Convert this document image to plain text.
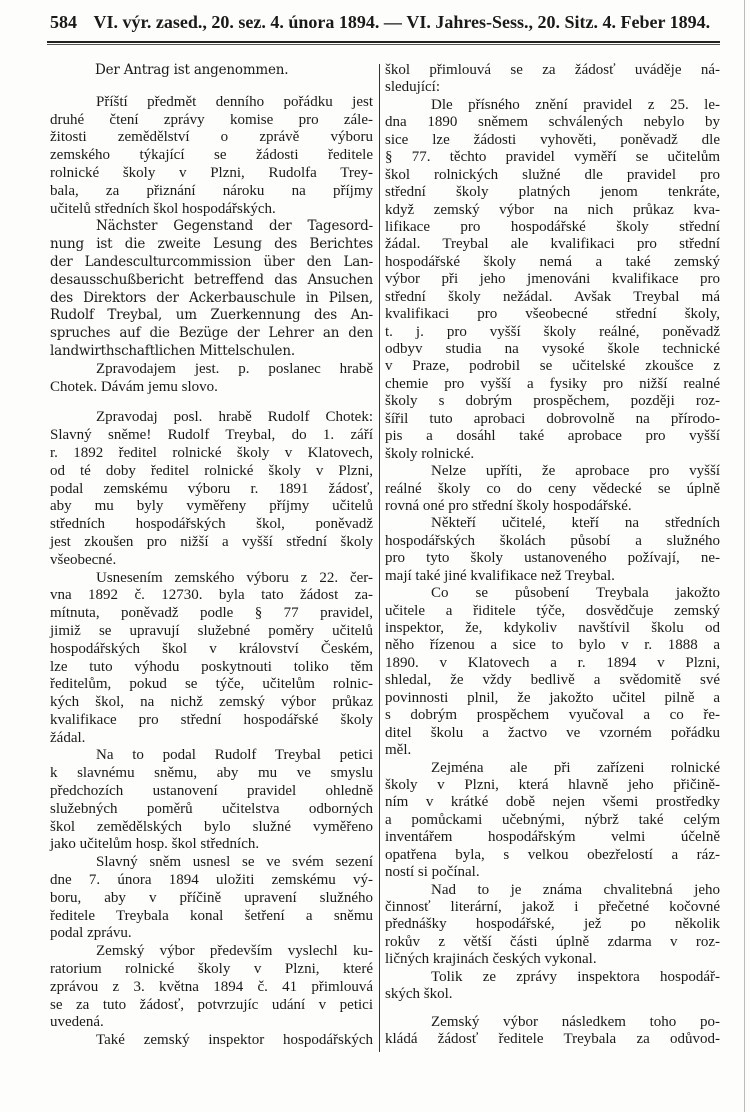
584 VI. výr. zased., 20. sez. 4. února 1894. — VI. Jahres-Sess., 20. Sitz. 4. Feber 1894.
Der Antrag ist angenommen.
Příští předmět denního pořádku jest
druhé čtení zprávy komise pro zále-
žitosti zemědělství o zprávě výboru
zemského týkající se žádosti ředitele
rolnické školy v Plzni, Rudolfa Trey-
bala, za přiznání nároku na příjmy
učitelů středních škol hospodářských.
Nächster Gegenstand der Tagesord-
nung ist die zweite Lesung des Berichtes
der Landesculturcommission über den Lan-
desausschußbericht betreffend das Ansuchen
des Direktors der Ackerbauschule in Pilsen,
Rudolf Treybal, um Zuerkennung des An-
spruches auf die Bezüge der Lehrer an den
landwirthschaftlichen Mittelschulen.
Zpravodajem jest. p. poslanec hrabě
Chotek. Dávám jemu slovo.
Zpravodaj posl. hrabě Rudolf Chotek:
Slavný sněme! Rudolf Treybal, do 1. září
r. 1892 ředitel rolnické školy v Klatovech,
od té doby ředitel rolnické školy v Plzni,
podal zemskému výboru r. 1891 žádosť,
aby mu byly vyměřeny příjmy učitelů
středních hospodářských škol, poněvadž
jest zkoušen pro nižší a vyšší střední školy
všeobecné.
Usnesením zemského výboru z 22. čer-
vna 1892 č. 12730. byla tato žádost za-
mítnuta, poněvadž podle § 77 pravidel,
jimiž se upravují služebné poměry učitelů
hospodářských škol v království Českém,
lze tuto výhodu poskytnouti toliko těm
ředitelům, pokud se týče, učitelům rolnic-
kých škol, na nichž zemský výbor průkaz
kvalifikace pro střední hospodářské školy
žádal.
Na to podal Rudolf Treybal petici
k slavnému sněmu, aby mu ve smyslu
předchozích ustanovení pravidel ohledně
služebných poměrů učitelstva odborných
škol zemědělských bylo služné vyměřeno
jako učitelům hosp. škol středních.
Slavný sněm usnesl se ve svém sezení
dne 7. února 1894 uložiti zemskému vý-
boru, aby v příčině upravení služného
ředitele Treybala konal šetření a sněmu
podal zprávu.
Zemský výbor především vyslechl ku-
ratorium rolnické školy v Plzni, které
zprávou z 3. května 1894 č. 41 přimlouvá
se za tuto žádosť, potvrzujíc udání v petici
uvedená.
Také zemský inspektor hospodářských
škol přimlouvá se za žádosť uváděje ná-
sledující:
Dle přísného znění pravidel z 25. le-
dna 1890 sněmem schválených nebylo by
sice lze žádosti vyhověti, poněvadž dle
§ 77. těchto pravidel vyměří se učitelům
škol rolnických služné dle pravidel pro
střední školy platných jenom tenkráte,
když zemský výbor na nich průkaz kva-
lifikace pro hospodářské školy střední
žádal. Treybal ale kvalifikaci pro střední
hospodářské školy nemá a také zemský
výbor při jeho jmenováni kvalifikace pro
střední školy nežádal. Avšak Treybal má
kvalifikaci pro všeobecné střední školy,
t. j. pro vyšší školy reálné, poněvadž
odbyv studia na vysoké škole technické
v Praze, podrobil se učitelské zkoušce z
chemie pro vyšší a fysiky pro nižší realné
školy s dobrým prospěchem, později roz-
šířil tuto aprobaci dobrovolně na přírodo-
pis a dosáhl také aprobace pro vyšší
školy rolnické.
Nelze upříti, že aprobace pro vyšší
reálné školy co do ceny vědecké se úplně
rovná oné pro střední školy hospodářské.
Někteří učitelé, kteří na středních
hospodářských školách působí a služného
pro tyto školy ustanoveného požívají, ne-
mají také jiné kvalifikace než Treybal.
Co se působení Treybala jakožto
učitele a řiditele týče, dosvědčuje zemský
inspektor, že, kdykoliv navštívil školu od
něho řízenou a sice to bylo v r. 1888 a
1890. v Klatovech a r. 1894 v Plzni,
shledal, že vždy bedlivě a svědomitě své
povinnosti plnil, že jakožto učitel pilně a
s dobrým prospěchem vyučoval a co ře-
ditel školu a žactvo ve vzorném pořádku
měl.
Zejména ale při zařízeni rolnické
školy v Plzni, která hlavně jeho přičině-
ním v krátké době nejen všemi prostředky
a pomůckami učebnými, nýbrž také celým
inventářem hospodářským velmi účelně
opatřena byla, s velkou obezřelostí a ráz-
ností si počínal.
Nad to je známa chvalitebná jeho
činnosť literární, jakož i přečetné kočovné
přednášky hospodářské, jež po několik
rokův z větší části úplně zdarma v roz-
ličných krajinách českých vykonal.
Tolik ze zprávy inspektora hospodář-
ských škol.
Zemský výbor následkem toho po-
kládá žádosť ředitele Treybala za odůvod-
